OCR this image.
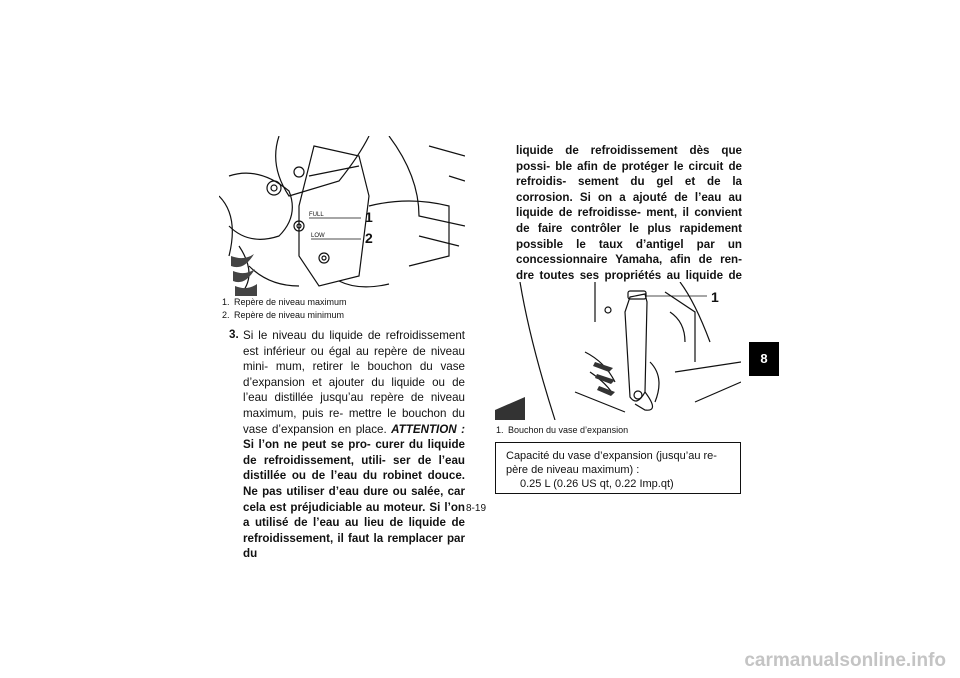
FULL
LOW
1
2
1. Repère de niveau maximum
2. Repère de niveau minimum
3. Si le niveau du liquide de refroidissement est inférieur ou égal au repère de niveau mini- mum, retirer le bouchon du vase d’expansion et ajouter du liquide ou de l’eau distillée jusqu’au repère de niveau maximum, puis re- mettre le bouchon du vase d’expansion en place. ATTENTION : Si l’on ne peut se pro- curer du liquide de refroidissement, utili- ser de l’eau distillée ou de l’eau du robinet douce. Ne pas utiliser d’eau dure ou salée, car cela est préjudiciable au moteur. Si l’on a utilisé de l’eau au lieu de liquide de refroidissement, il faut la remplacer par du
liquide de refroidissement dès que possi- ble afin de protéger le circuit de refroidis- sement du gel et de la corrosion. Si on a ajouté de l’eau au liquide de refroidisse- ment, il convient de faire contrôler le plus rapidement possible le taux d’antigel par un concessionnaire Yamaha, afin de ren- dre toutes ses propriétés au liquide de
1
1. Bouchon du vase d’expansion
Capacité du vase d’expansion (jusqu’au re- père de niveau maximum) :
0.25 L (0.26 US qt, 0.22 Imp.qt)
8
8-19
carmanualsonline.info
